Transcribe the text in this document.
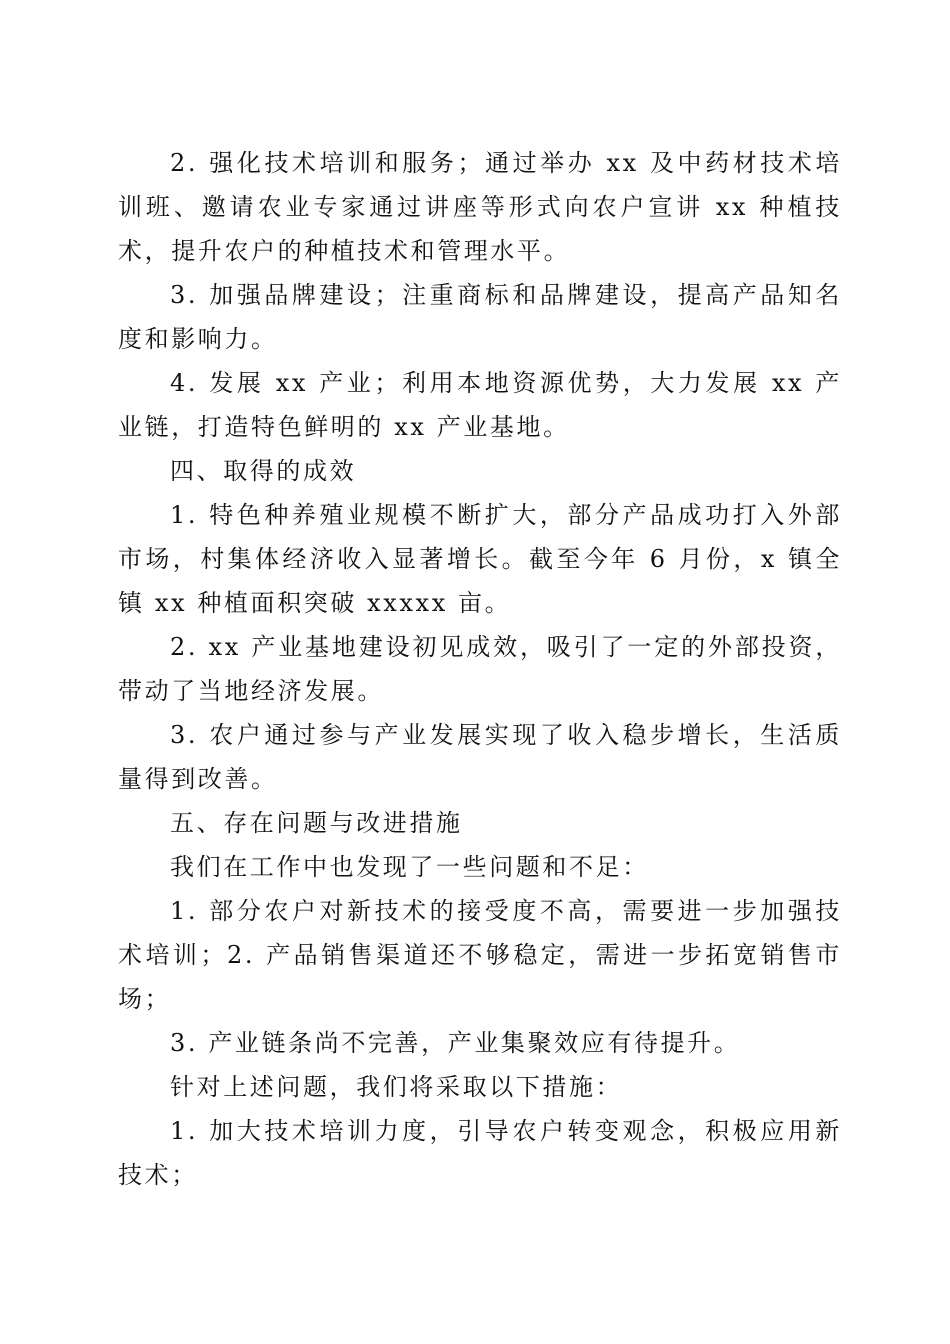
2. 强化技术培训和服务；通过举办 xx 及中药材技术培训班、邀请农业专家通过讲座等形式向农户宣讲 xx 种植技术，提升农户的种植技术和管理水平。

3. 加强品牌建设；注重商标和品牌建设，提高产品知名度和影响力。

4. 发展 xx 产业；利用本地资源优势，大力发展 xx 产业链，打造特色鲜明的 xx 产业基地。

四、取得的成效

1. 特色种养殖业规模不断扩大，部分产品成功打入外部市场，村集体经济收入显著增长。截至今年 6 月份，x 镇全镇 xx 种植面积突破 xxxxx 亩。

2. xx 产业基地建设初见成效，吸引了一定的外部投资，带动了当地经济发展。

3. 农户通过参与产业发展实现了收入稳步增长，生活质量得到改善。

五、存在问题与改进措施

我们在工作中也发现了一些问题和不足：

1. 部分农户对新技术的接受度不高，需要进一步加强技术培训；2. 产品销售渠道还不够稳定，需进一步拓宽销售市场；

3. 产业链条尚不完善，产业集聚效应有待提升。

针对上述问题，我们将采取以下措施：

1. 加大技术培训力度，引导农户转变观念，积极应用新技术；
